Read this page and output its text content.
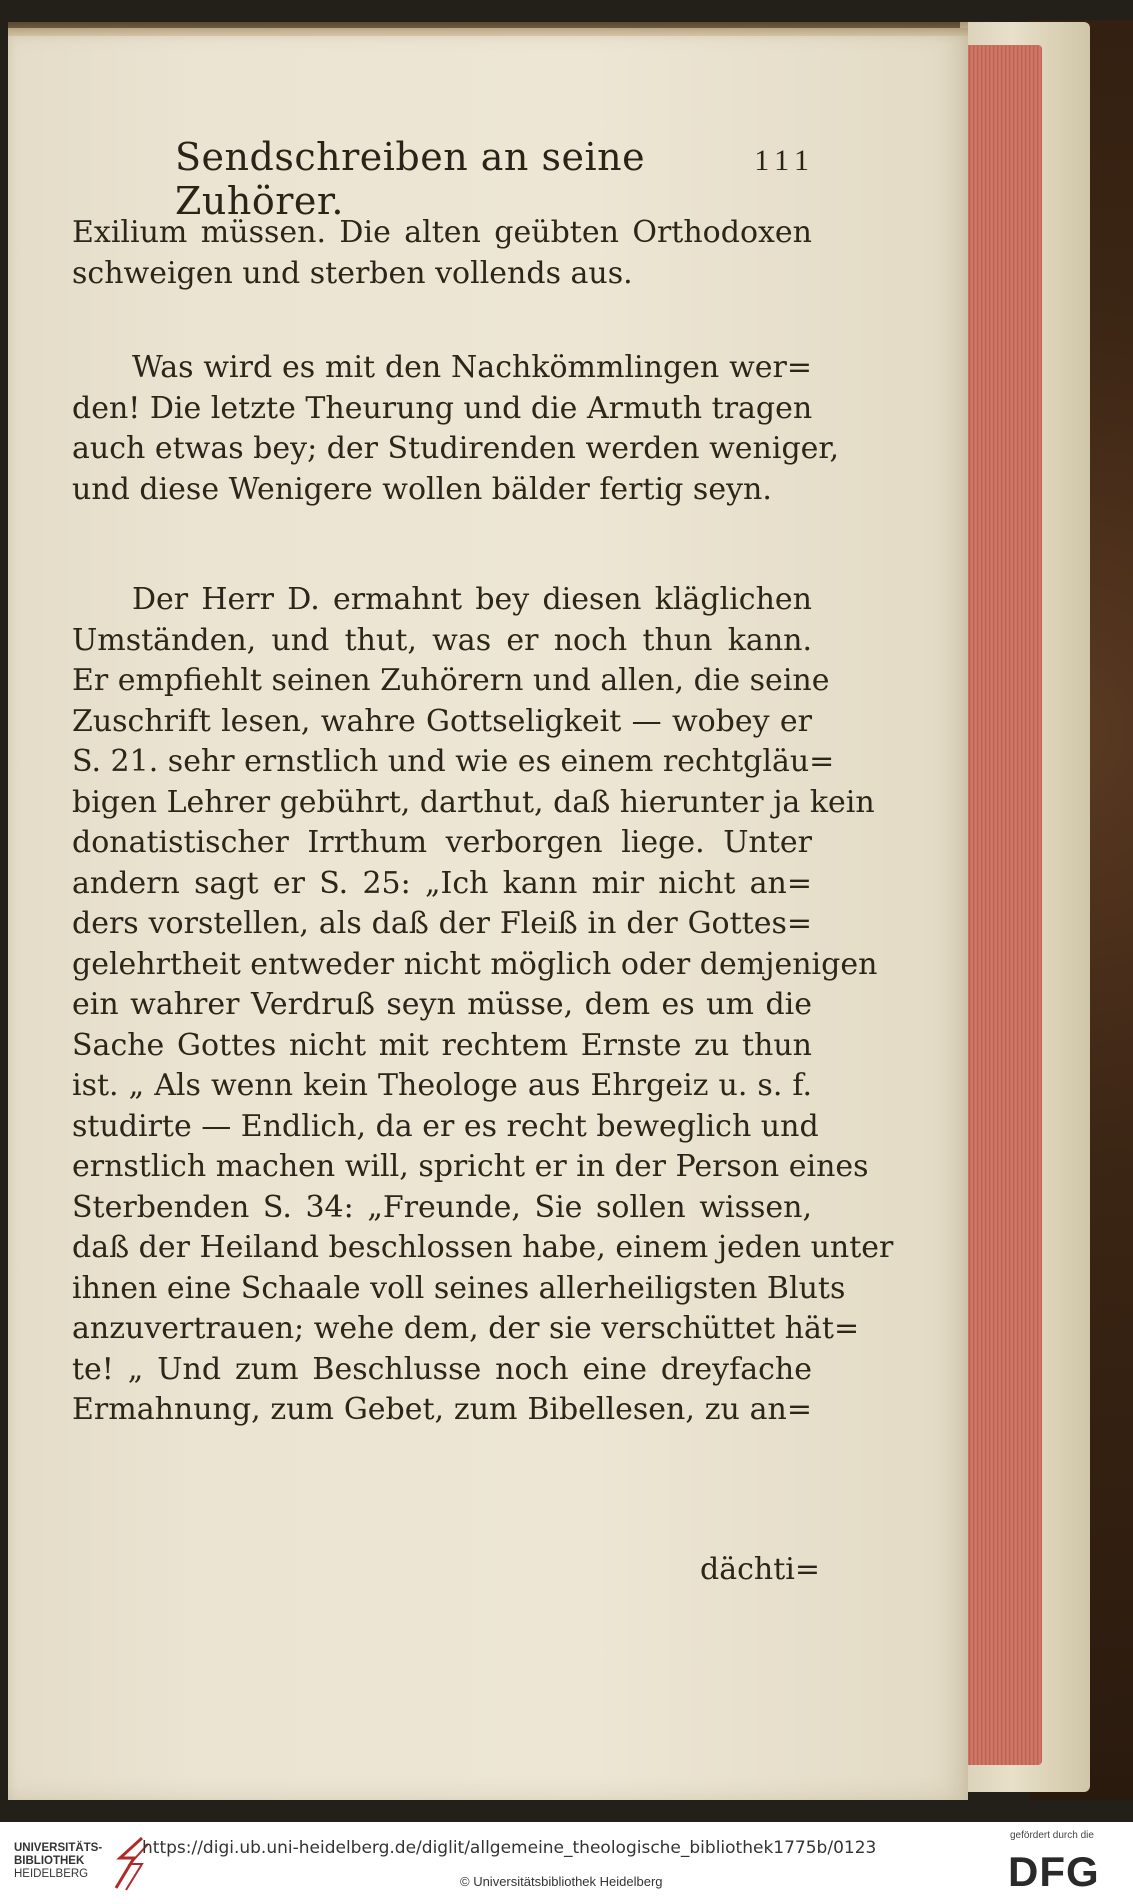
Sendschreiben an seine Zuhörer.
111
Exilium müssen. Die alten geübten Orthodoxen
schweigen und sterben vollends aus.
Was wird es mit den Nachkömmlingen wer=
den! Die letzte Theurung und die Armuth tragen
auch etwas bey; der Studirenden werden weniger,
und diese Wenigere wollen bälder fertig seyn.
Der Herr D. ermahnt bey diesen kläglichen
Umständen, und thut, was er noch thun kann.
Er empfiehlt seinen Zuhörern und allen, die seine
Zuschrift lesen, wahre Gottseligkeit — wobey er
S. 21. sehr ernstlich und wie es einem rechtgläu=
bigen Lehrer gebührt, darthut, daß hierunter ja kein
donatistischer Irrthum verborgen liege. Unter
andern sagt er S. 25: „Ich kann mir nicht an=
ders vorstellen, als daß der Fleiß in der Gottes=
gelehrtheit entweder nicht möglich oder demjenigen
ein wahrer Verdruß seyn müsse, dem es um die
Sache Gottes nicht mit rechtem Ernste zu thun
ist. „ Als wenn kein Theologe aus Ehrgeiz u. s. f.
studirte — Endlich, da er es recht beweglich und
ernstlich machen will, spricht er in der Person eines
Sterbenden S. 34: „Freunde, Sie sollen wissen,
daß der Heiland beschlossen habe, einem jeden unter
ihnen eine Schaale voll seines allerheiligsten Bluts
anzuvertrauen; wehe dem, der sie verschüttet hät=
te! „ Und zum Beschlusse noch eine dreyfache
Ermahnung, zum Gebet, zum Bibellesen, zu an=
dächti=
UNIVERSITÄTS-
BIBLIOTHEK
HEIDELBERG
https://digi.ub.uni-heidelberg.de/diglit/allgemeine_theologische_bibliothek1775b/0123
© Universitätsbibliothek Heidelberg
gefördert durch die
DFG
